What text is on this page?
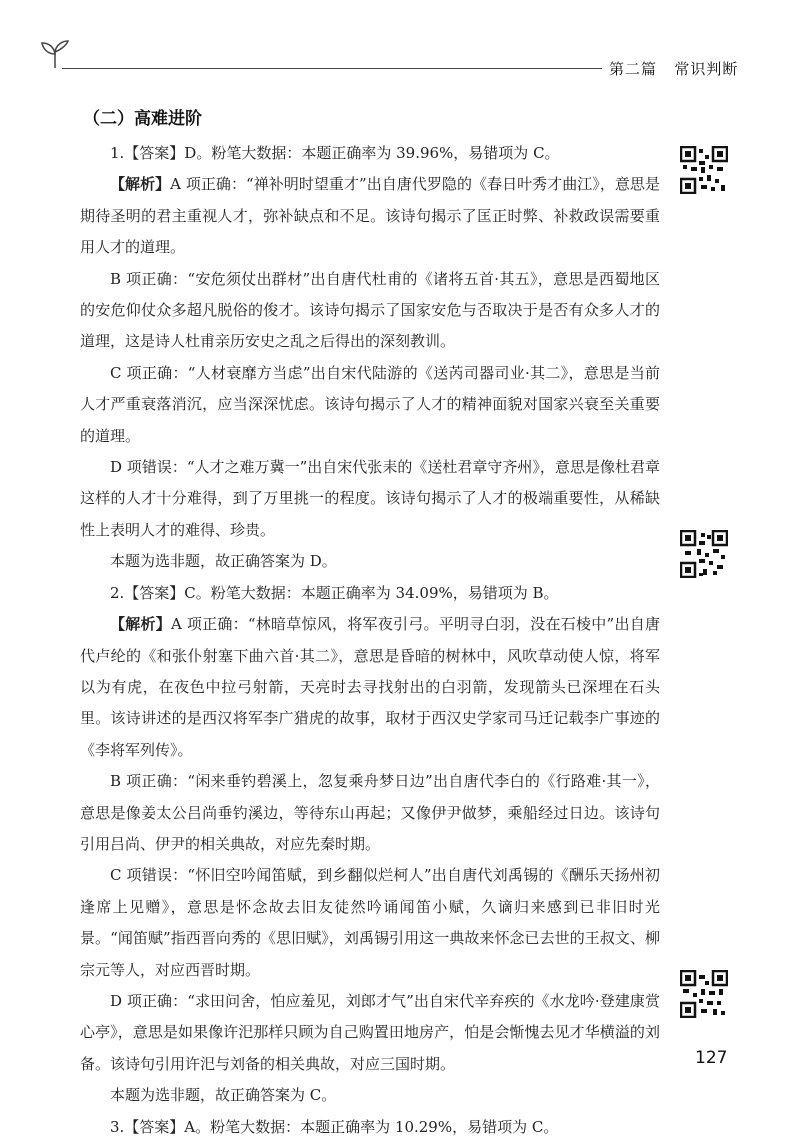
第二篇 常识判断
（二）高难进阶

1.【答案】D。粉笔大数据：本题正确率为 39.96%，易错项为 C。

【解析】A 项正确：“禅补明时望重才”出自唐代罗隐的《春日叶秀才曲江》，意思是期待圣明的君主重视人才，弥补缺点和不足。该诗句揭示了匡正时弊、补救政误需要重用人才的道理。

B 项正确：“安危须仗出群材”出自唐代杜甫的《诸将五首·其五》，意思是西蜀地区的安危仰仗众多超凡脱俗的俊才。该诗句揭示了国家安危与否取决于是否有众多人才的道理，这是诗人杜甫亲历安史之乱之后得出的深刻教训。

C 项正确：“人材衰靡方当虑”出自宋代陆游的《送芮司器司业·其二》，意思是当前人才严重衰落消沉，应当深深忧虑。该诗句揭示了人才的精神面貌对国家兴衰至关重要的道理。

D 项错误：“人才之难万冀一”出自宋代张耒的《送杜君章守齐州》，意思是像杜君章这样的人才十分难得，到了万里挑一的程度。该诗句揭示了人才的极端重要性，从稀缺性上表明人才的难得、珍贵。

本题为选非题，故正确答案为 D。

2.【答案】C。粉笔大数据：本题正确率为 34.09%，易错项为 B。

【解析】A 项正确：“林暗草惊风，将军夜引弓。平明寻白羽，没在石棱中”出自唐代卢纶的《和张仆射塞下曲六首·其二》，意思是昏暗的树林中，风吹草动使人惊，将军以为有虎，在夜色中拉弓射箭，天亮时去寻找射出的白羽箭，发现箭头已深埋在石头里。该诗讲述的是西汉将军李广猎虎的故事，取材于西汉史学家司马迁记载李广事迹的《李将军列传》。

B 项正确：“闲来垂钓碧溪上，忽复乘舟梦日边”出自唐代李白的《行路难·其一》，意思是像姜太公吕尚垂钓溪边，等待东山再起；又像伊尹做梦，乘船经过日边。该诗句引用吕尚、伊尹的相关典故，对应先秦时期。

C 项错误：“怀旧空吟闻笛赋，到乡翻似烂柯人”出自唐代刘禹锡的《酬乐天扬州初逢席上见赠》，意思是怀念故去旧友徒然吟诵闻笛小赋，久谪归来感到已非旧时光景。“闻笛赋”指西晋向秀的《思旧赋》，刘禹锡引用这一典故来怀念已去世的王叔文、柳宗元等人，对应西晋时期。

D 项正确：“求田问舍，怕应羞见，刘郎才气”出自宋代辛弃疾的《水龙吟·登建康赏心亭》，意思是如果像许汜那样只顾为自己购置田地房产，怕是会惭愧去见才华横溢的刘备。该诗句引用许汜与刘备的相关典故，对应三国时期。

本题为选非题，故正确答案为 C。

3.【答案】A。粉笔大数据：本题正确率为 10.29%，易错项为 C。

127
